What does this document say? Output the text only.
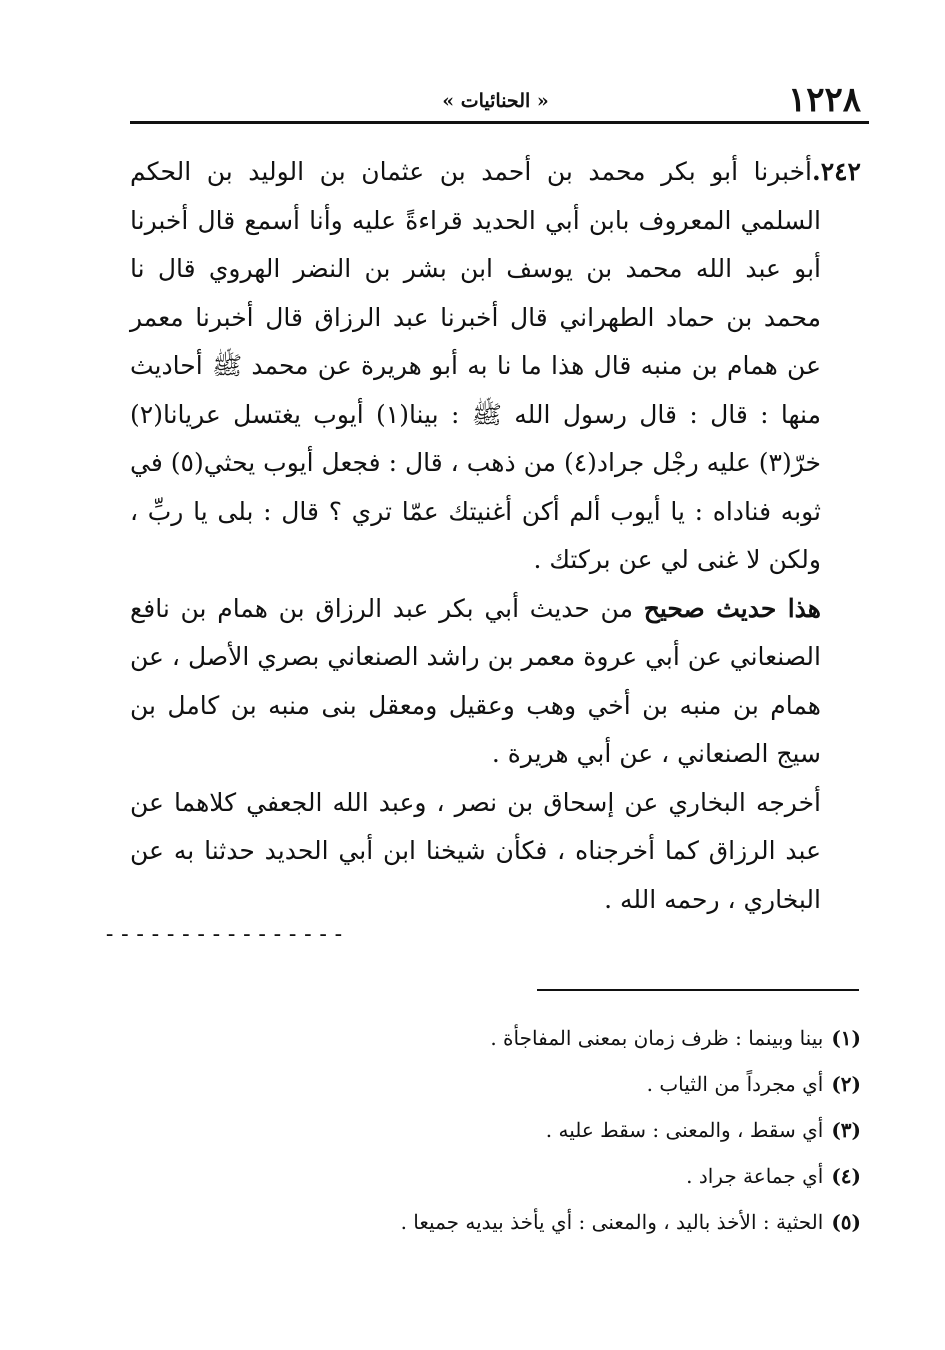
١٢٢٨
« الحنائيات »

٢٤٢.أخبرنا أبو بكر محمد بن أحمد بن عثمان بن الوليد بن الحكم السلمي المعروف بابن أبي الحديد قراءةً عليه وأنا أسمع قال أخبرنا أبو عبد الله محمد بن يوسف ابن بشر بن النضر الهروي قال نا محمد بن حماد الطهراني قال أخبرنا عبد الرزاق قال أخبرنا معمر عن همام بن منبه قال هذا ما نا به أبو هريرة عن محمد ﷺ أحاديث منها : قال : قال رسول الله ﷺ : بينا(١) أيوب يغتسل عريانا(٢) خرّ(٣) عليه رجْل جراد(٤) من ذهب ، قال : فجعل أيوب يحثي(٥) في ثوبه فناداه : يا أيوب ألم أكن أغنيتك عمّا تري ؟ قال : بلى يا ربِّ ، ولكن لا غنى لي عن بركتك .

هذا حديث صحيح من حديث أبي بكر عبد الرزاق بن همام بن نافع الصنعاني عن أبي عروة معمر بن راشد الصنعاني بصري الأصل ، عن همام بن منبه بن أخي وهب وعقيل ومعقل بنى منبه بن كامل بن سيج الصنعاني ، عن أبي هريرة .

أخرجه البخاري عن إسحاق بن نصر ، وعبد الله الجعفي كلاهما عن عبد الرزاق كما أخرجناه ، فكأن شيخنا ابن أبي الحديد حدثنا به عن البخاري ، رحمه الله .

----------------

(١)بينا وبينما : ظرف زمان بمعنى المفاجأة .

(٢)أي مجرداً من الثياب .

(٣)أي سقط ، والمعنى : سقط عليه .

(٤)أي جماعة جراد .

(٥)الحثية : الأخذ باليد ، والمعنى : أي يأخذ بيديه جميعا .
